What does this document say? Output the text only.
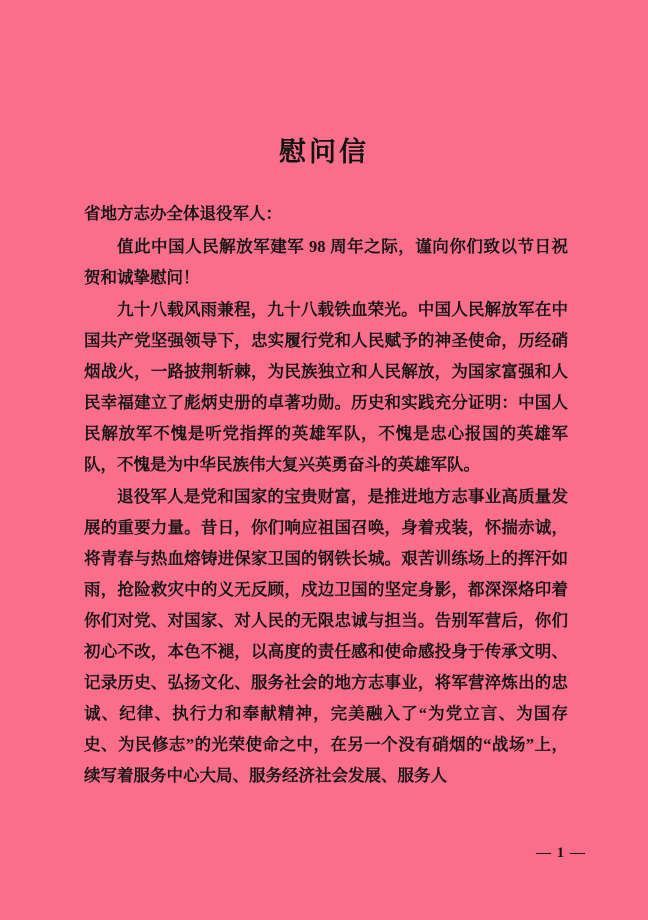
慰问信

省地方志办全体退役军人：

值此中国人民解放军建军 98 周年之际，谨向你们致以节日祝贺和诚挚慰问！

九十八载风雨兼程，九十八载铁血荣光。中国人民解放军在中国共产党坚强领导下，忠实履行党和人民赋予的神圣使命，历经硝烟战火，一路披荆斩棘，为民族独立和人民解放，为国家富强和人民幸福建立了彪炳史册的卓著功勋。历史和实践充分证明：中国人民解放军不愧是听党指挥的英雄军队，不愧是忠心报国的英雄军队，不愧是为中华民族伟大复兴英勇奋斗的英雄军队。

退役军人是党和国家的宝贵财富，是推进地方志事业高质量发展的重要力量。昔日，你们响应祖国召唤，身着戎装，怀揣赤诚，将青春与热血熔铸进保家卫国的钢铁长城。艰苦训练场上的挥汗如雨，抢险救灾中的义无反顾，戍边卫国的坚定身影，都深深烙印着你们对党、对国家、对人民的无限忠诚与担当。告别军营后，你们初心不改，本色不褪，以高度的责任感和使命感投身于传承文明、记录历史、弘扬文化、服务社会的地方志事业，将军营淬炼出的忠诚、纪律、执行力和奉献精神，完美融入了“为党立言、为国存史、为民修志”的光荣使命之中，在另一个没有硝烟的“战场”上，续写着服务中心大局、服务经济社会发展、服务人

— 1 —
